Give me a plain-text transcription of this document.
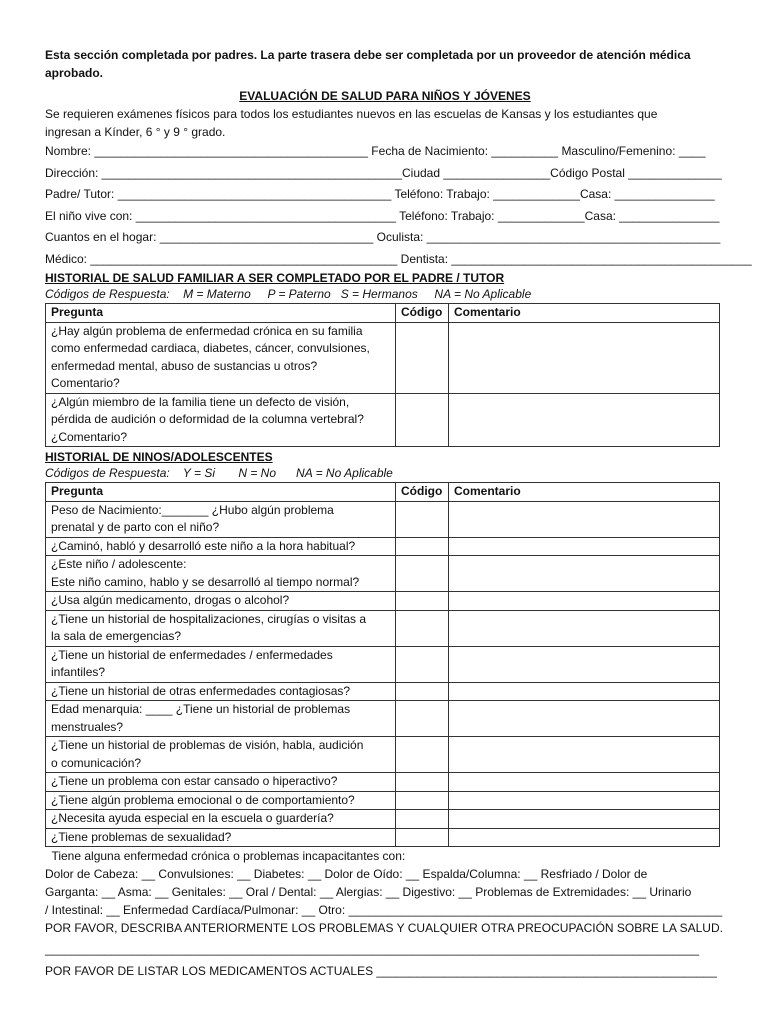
Esta sección completada por padres. La parte trasera debe ser completada por un proveedor de atención médica aprobado.
EVALUACIÓN DE SALUD PARA NIÑOS Y JÓVENES
Se requieren exámenes físicos para todos los estudiantes nuevos en las escuelas de Kansas y los estudiantes que
ingresan a Kínder, 6 ° y 9 ° grado.
Nombre: _________________________________________ Fecha de Nacimiento: __________ Masculino/Femenino: ____
Dirección: _____________________________________________Ciudad ________________Código Postal ______________
Padre/ Tutor: _________________________________________ Teléfono: Trabajo: _____________Casa: _______________
El niño vive con: _______________________________________ Teléfono: Trabajo: _____________Casa: _______________
Cuantos en el hogar: ________________________________ Oculista: ____________________________________________
Médico: ______________________________________________ Dentista: _____________________________________________
HISTORIAL DE SALUD FAMILIAR A SER COMPLETADO POR EL PADRE / TUTOR
Códigos de Respuesta:    M = Materno     P = Paterno   S = Hermanos     NA = No Aplicable
Pregunta	Código	Comentario

¿Hay algún problema de enfermedad crónica en su familia
como enfermedad cardiaca, diabetes, cáncer, convulsiones,
enfermedad mental, abuso de sustancias u otros?
Comentario?		

¿Algún miembro de la familia tiene un defecto de visión,
pérdida de audición o deformidad de la columna vertebral?
¿Comentario?		

HISTORIAL DE NINOS/ADOLESCENTES
Códigos de Respuesta:    Y = Si       N = No      NA = No Aplicable
Pregunta	Código	Comentario

Peso de Nacimiento:_______ ¿Hubo algún problema
prenatal y de parto con el niño?		

¿Caminó, habló y desarrolló este niño a la hora habitual?		

¿Este niño / adolescente:
Este niño camino, hablo y se desarrolló al tiempo normal?		

¿Usa algún medicamento, drogas o alcohol?		

¿Tiene un historial de hospitalizaciones, cirugías o visitas a
la sala de emergencias?		

¿Tiene un historial de enfermedades / enfermedades
infantiles?		

¿Tiene un historial de otras enfermedades contagiosas?		

Edad menarquia: ____ ¿Tiene un historial de problemas
menstruales?		

¿Tiene un historial de problemas de visión, habla, audición
o comunicación?		

¿Tiene un problema con estar cansado o hiperactivo?		

¿Tiene algún problema emocional o de comportamiento?		

¿Necesita ayuda especial en la escuela o guardería?		

¿Tiene problemas de sexualidad?		

Tiene alguna enfermedad crónica o problemas incapacitantes con:
Dolor de Cabeza: __ Convulsiones: __ Diabetes: __ Dolor de Oído: __ Espalda/Columna: __ Resfriado / Dolor de
Garganta: __ Asma: __ Genitales: __ Oral / Dental: __ Alergias: __ Digestivo: __ Problemas de Extremidades: __ Urinario
/ Intestinal: __ Enfermedad Cardíaca/Pulmonar: __ Otro: ________________________________________________________
POR FAVOR, DESCRIBA ANTERIORMENTE LOS PROBLEMAS Y CUALQUIER OTRA PREOCUPACIÓN SOBRE LA SALUD.
__________________________________________________________________________________________________
POR FAVOR DE LISTAR LOS MEDICAMENTOS ACTUALES ___________________________________________________
